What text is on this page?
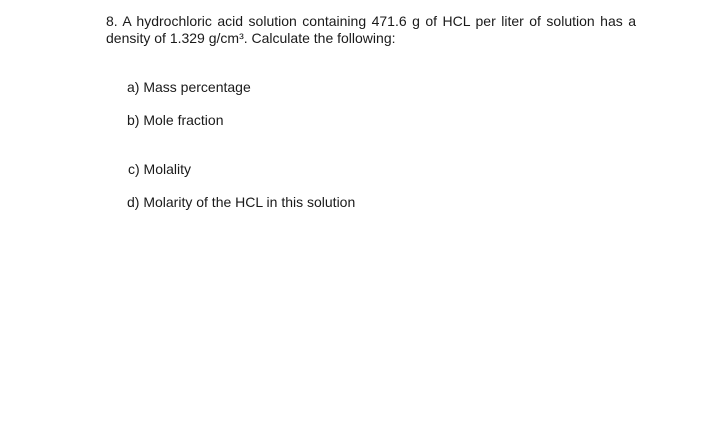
8. A hydrochloric acid solution containing 471.6 g of HCL per liter of solution has a
density of 1.329 g/cm³. Calculate the following:
a) Mass percentage
b) Mole fraction
c) Molality
d) Molarity of the HCL in this solution
